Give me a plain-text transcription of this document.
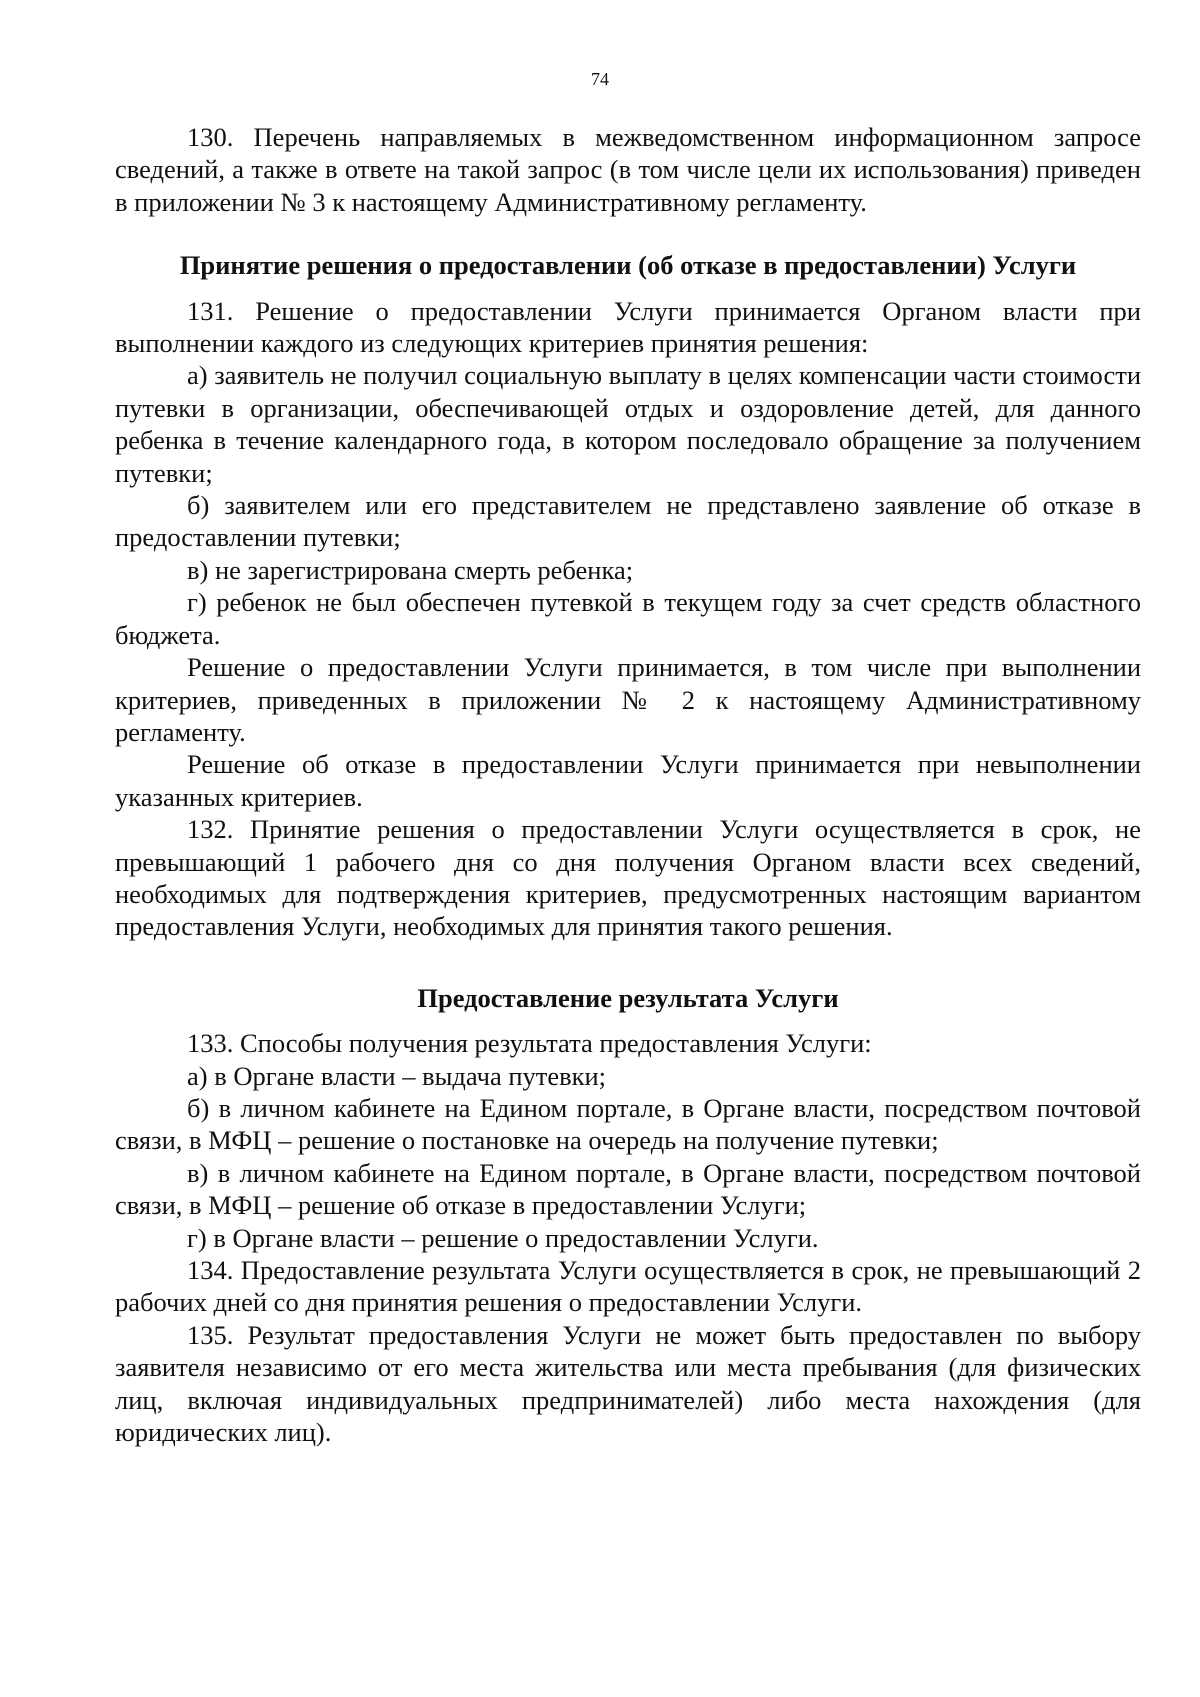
74

130. Перечень направляемых в межведомственном информационном запросе сведений, а также в ответе на такой запрос (в том числе цели их использования) приведен в приложении № 3 к настоящему Административному регламенту.

Принятие решения о предоставлении (об отказе в предоставлении) Услуги

131. Решение о предоставлении Услуги принимается Органом власти при выполнении каждого из следующих критериев принятия решения:

а) заявитель не получил социальную выплату в целях компенсации части стоимости путевки в организации, обеспечивающей отдых и оздоровление детей, для данного ребенка в течение календарного года, в котором последовало обращение за получением путевки;

б) заявителем или его представителем не представлено заявление об отказе в предоставлении путевки;

в) не зарегистрирована смерть ребенка;

г) ребенок не был обеспечен путевкой в текущем году за счет средств областного бюджета.

Решение о предоставлении Услуги принимается, в том числе при выполнении критериев, приведенных в приложении № 2 к настоящему Административному регламенту.

Решение об отказе в предоставлении Услуги принимается при невыполнении указанных критериев.

132. Принятие решения о предоставлении Услуги осуществляется в срок, не превышающий 1 рабочего дня со дня получения Органом власти всех сведений, необходимых для подтверждения критериев, предусмотренных настоящим вариантом предоставления Услуги, необходимых для принятия такого решения.

Предоставление результата Услуги

133. Способы получения результата предоставления Услуги:

а) в Органе власти – выдача путевки;

б) в личном кабинете на Едином портале, в Органе власти, посредством почтовой связи, в МФЦ – решение о постановке на очередь на получение путевки;

в) в личном кабинете на Едином портале, в Органе власти, посредством почтовой связи, в МФЦ – решение об отказе в предоставлении Услуги;

г) в Органе власти – решение о предоставлении Услуги.

134. Предоставление результата Услуги осуществляется в срок, не превышающий 2 рабочих дней со дня принятия решения о предоставлении Услуги.

135. Результат предоставления Услуги не может быть предоставлен по выбору заявителя независимо от его места жительства или места пребывания (для физических лиц, включая индивидуальных предпринимателей) либо места нахождения (для юридических лиц).
